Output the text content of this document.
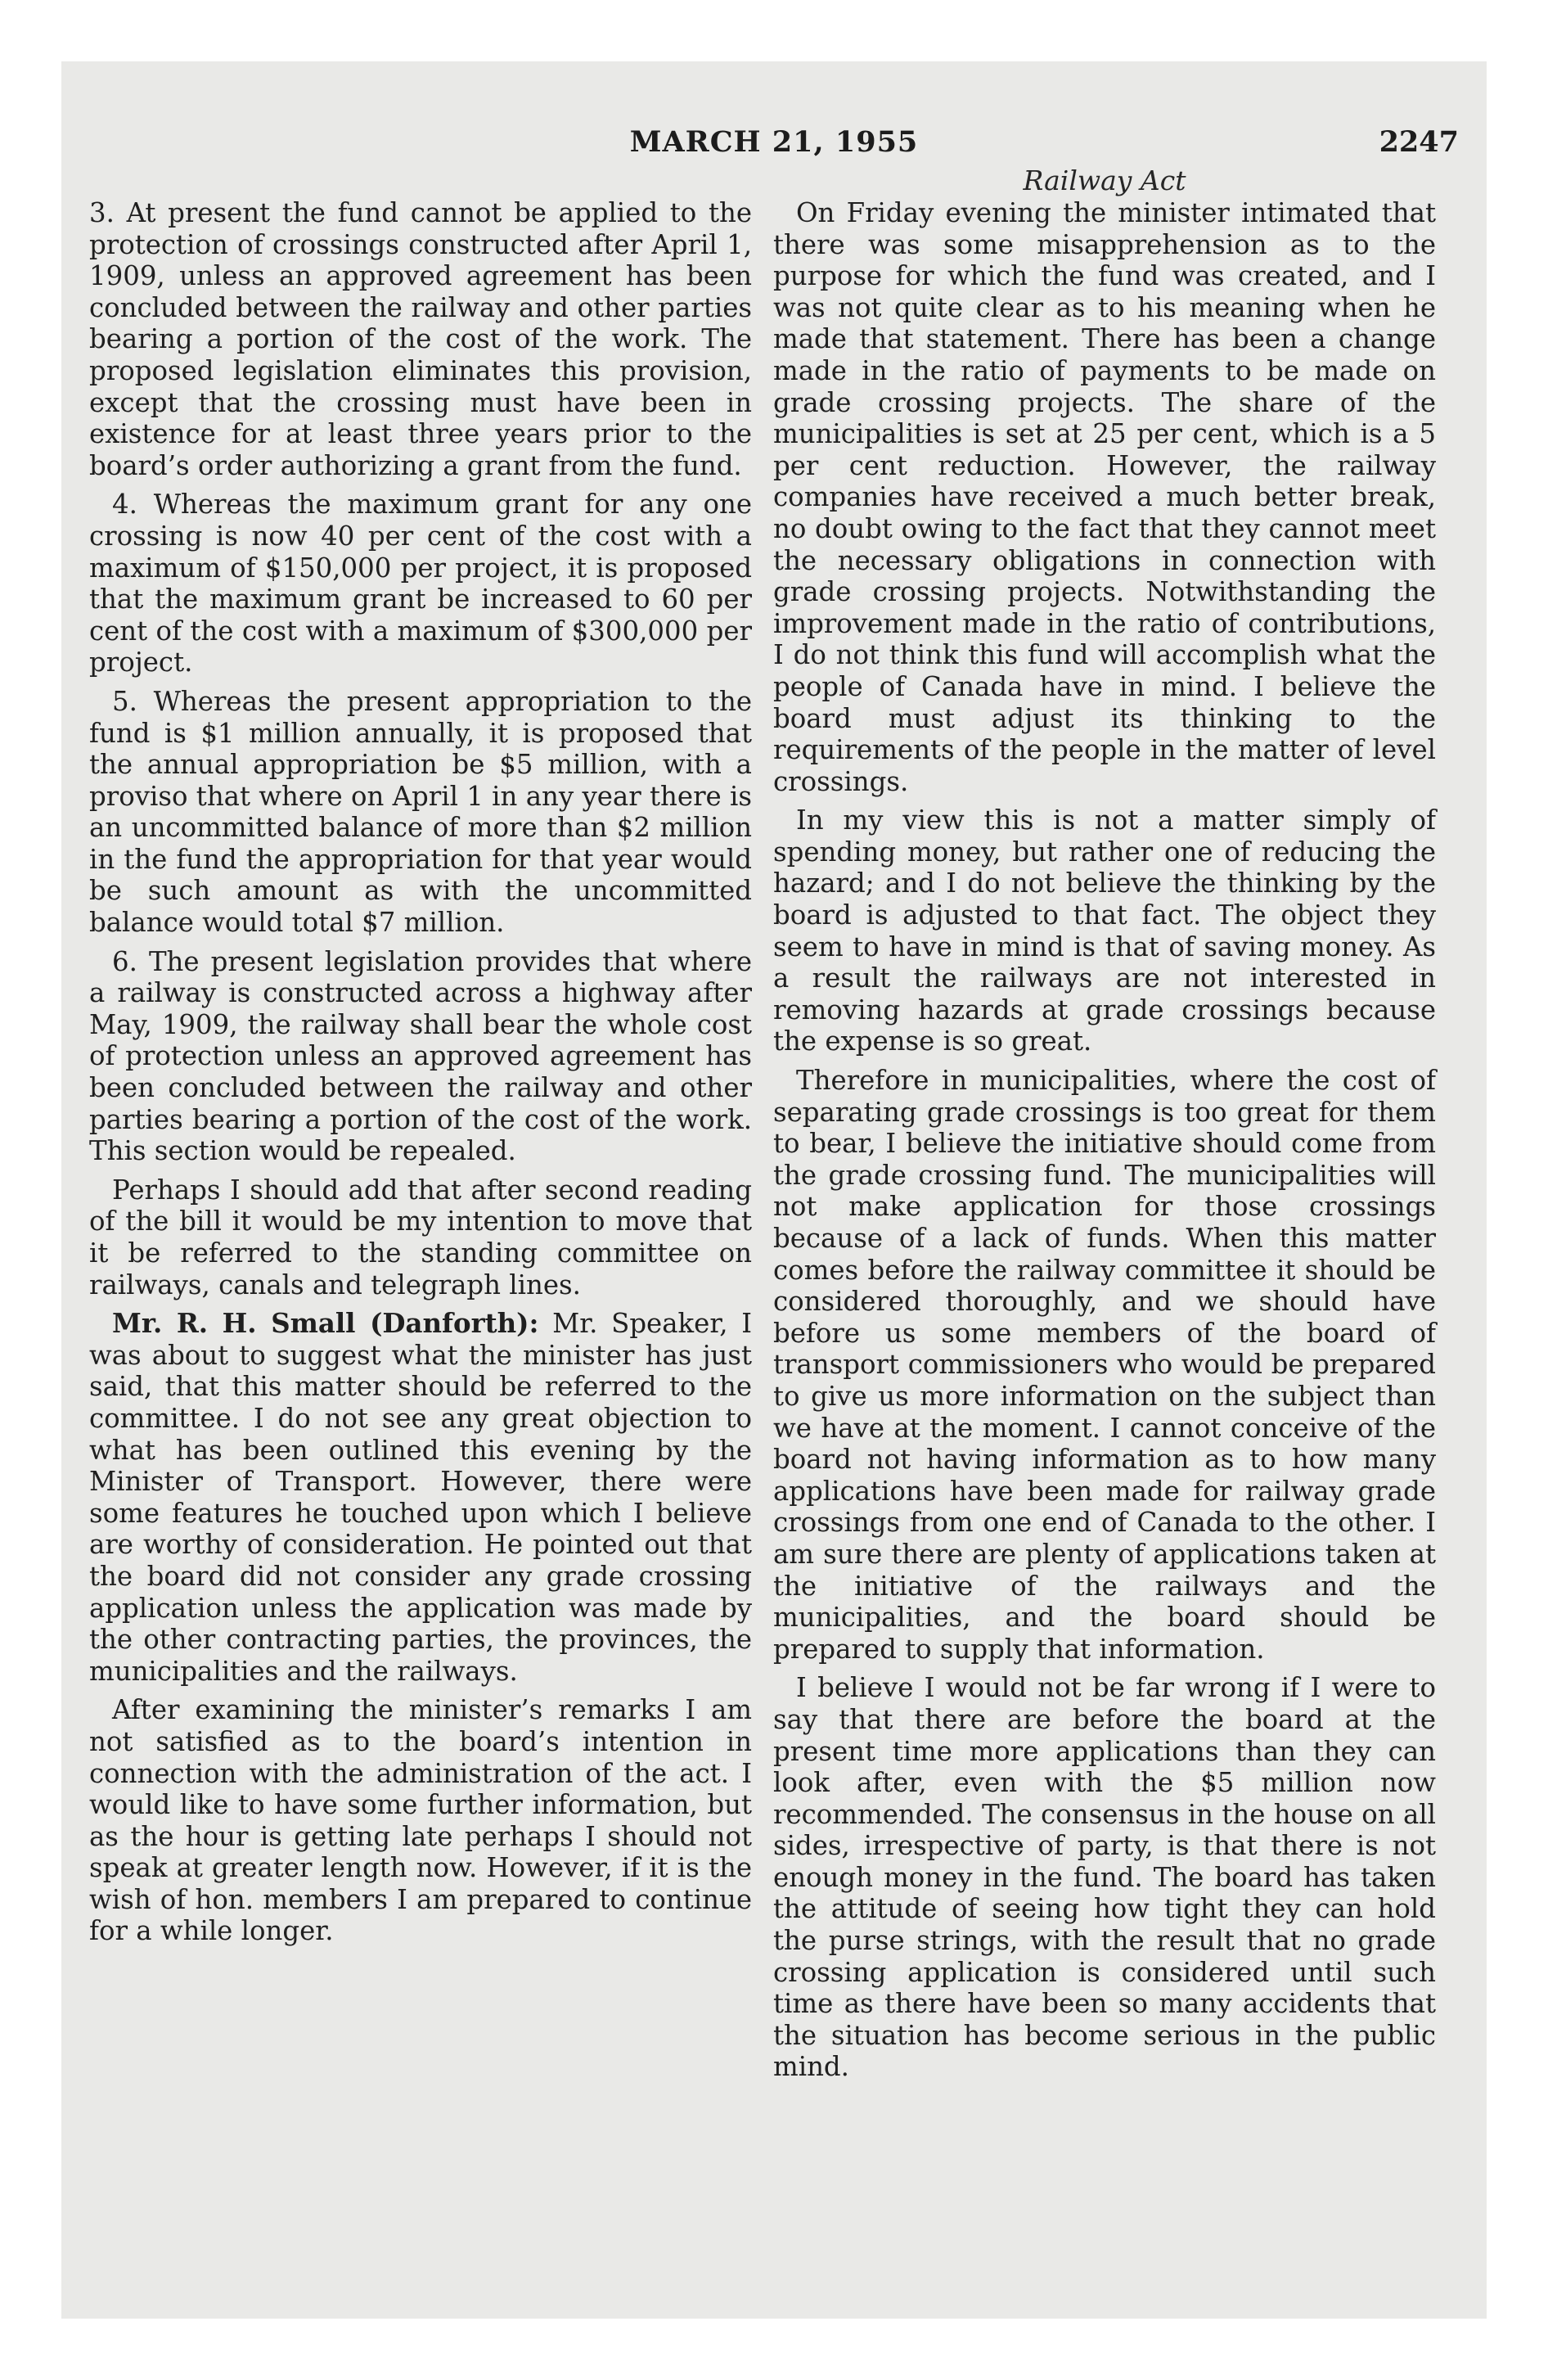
MARCH 21, 1955	2247
Railway Act

3. At present the fund cannot be applied to the protection of crossings constructed after April 1, 1909, unless an approved agreement has been concluded between the railway and other parties bearing a portion of the cost of the work. The proposed legislation eliminates this provision, except that the crossing must have been in existence for at least three years prior to the board’s order authorizing a grant from the fund.

4. Whereas the maximum grant for any one crossing is now 40 per cent of the cost with a maximum of $150,000 per project, it is proposed that the maximum grant be increased to 60 per cent of the cost with a maximum of $300,000 per project.

5. Whereas the present appropriation to the fund is $1 million annually, it is proposed that the annual appropriation be $5 million, with a proviso that where on April 1 in any year there is an uncommitted balance of more than $2 million in the fund the appropriation for that year would be such amount as with the uncommitted balance would total $7 million.

6. The present legislation provides that where a railway is constructed across a highway after May, 1909, the railway shall bear the whole cost of protection unless an approved agreement has been concluded between the railway and other parties bearing a portion of the cost of the work. This section would be repealed.

Perhaps I should add that after second reading of the bill it would be my intention to move that it be referred to the standing committee on railways, canals and telegraph lines.

Mr. R. H. Small (Danforth): Mr. Speaker, I was about to suggest what the minister has just said, that this matter should be referred to the committee. I do not see any great objection to what has been outlined this evening by the Minister of Transport. However, there were some features he touched upon which I believe are worthy of consideration. He pointed out that the board did not consider any grade crossing application unless the application was made by the other contracting parties, the provinces, the municipalities and the railways.

After examining the minister’s remarks I am not satisfied as to the board’s intention in connection with the administration of the act. I would like to have some further information, but as the hour is getting late perhaps I should not speak at greater length now. However, if it is the wish of hon. members I am prepared to continue for a while longer.

On Friday evening the minister intimated that there was some misapprehension as to the purpose for which the fund was created, and I was not quite clear as to his meaning when he made that statement. There has been a change made in the ratio of payments to be made on grade crossing projects. The share of the municipalities is set at 25 per cent, which is a 5 per cent reduction. However, the railway companies have received a much better break, no doubt owing to the fact that they cannot meet the necessary obligations in connection with grade crossing projects. Notwithstanding the improvement made in the ratio of contributions, I do not think this fund will accomplish what the people of Canada have in mind. I believe the board must adjust its thinking to the requirements of the people in the matter of level crossings.

In my view this is not a matter simply of spending money, but rather one of reducing the hazard; and I do not believe the thinking by the board is adjusted to that fact. The object they seem to have in mind is that of saving money. As a result the railways are not interested in removing hazards at grade crossings because the expense is so great.

Therefore in municipalities, where the cost of separating grade crossings is too great for them to bear, I believe the initiative should come from the grade crossing fund. The municipalities will not make application for those crossings because of a lack of funds. When this matter comes before the railway committee it should be considered thoroughly, and we should have before us some members of the board of transport commissioners who would be prepared to give us more information on the subject than we have at the moment. I cannot conceive of the board not having information as to how many applications have been made for railway grade crossings from one end of Canada to the other. I am sure there are plenty of applications taken at the initiative of the railways and the municipalities, and the board should be prepared to supply that information.

I believe I would not be far wrong if I were to say that there are before the board at the present time more applications than they can look after, even with the $5 million now recommended. The consensus in the house on all sides, irrespective of party, is that there is not enough money in the fund. The board has taken the attitude of seeing how tight they can hold the purse strings, with the result that no grade crossing application is considered until such time as there have been so many accidents that the situation has become serious in the public mind.
